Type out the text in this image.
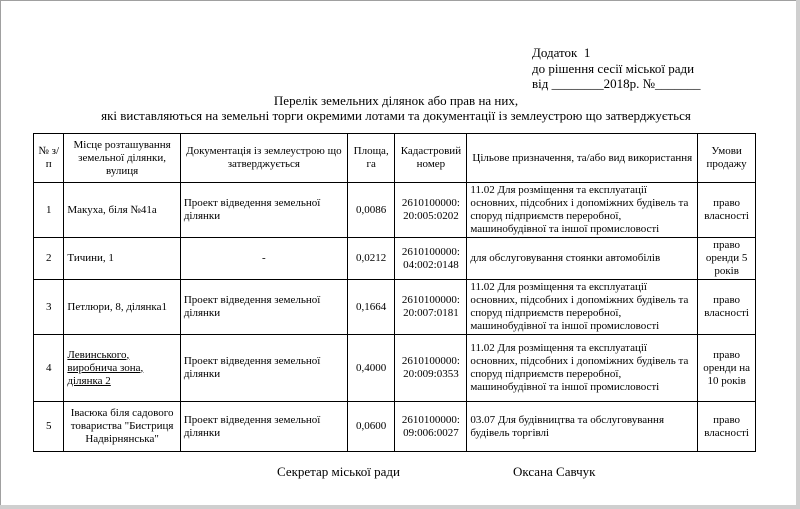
Додаток  1
до рішення сесії міської ради
від ________2018р. №_______
Перелік земельних ділянок або прав на них,
які виставляються на земельні торги окремими лотами та документації із землеустрою що затверджується
№ з/п	Місце розташування земельної ділянки, вулиця	Документація із землеустрою що затверджується	Площа, га	Кадастровий номер	Цільове призначення, та/або вид використання	Умови продажу
1	Макуха, біля №41а	Проект відведення земельної ділянки	0,0086	2610100000: 20:005:0202	11.02 Для розміщення та експлуатації основних, підсобних і допоміжних будівель та споруд підприємств переробної, машинобудівної та іншої промисловості	право власності
2	Тичини, 1	-	0,0212	2610100000: 04:002:0148	для обслуговування стоянки автомобілів	право оренди 5 років
3	Петлюри, 8, ділянка1	Проект відведення земельної ділянки	0,1664	2610100000: 20:007:0181	11.02 Для розміщення та експлуатації основних, підсобних і допоміжних будівель та споруд підприємств переробної, машинобудівної та іншої промисловості	право власності
4	Левинського, виробнича зона, ділянка 2	Проект відведення земельної ділянки	0,4000	2610100000: 20:009:0353	11.02 Для розміщення та експлуатації основних, підсобних і допоміжних будівель та споруд підприємств переробної, машинобудівної та іншої промисловості	право оренди на 10 років
5	Івасюка біля садового товариства "Бистриця Надвірнянська"	Проект відведення земельної ділянки	0,0600	2610100000: 09:006:0027	03.07 Для будівництва та обслуговування будівель торгівлі	право власності
Секретар міської ради	Оксана Савчук
